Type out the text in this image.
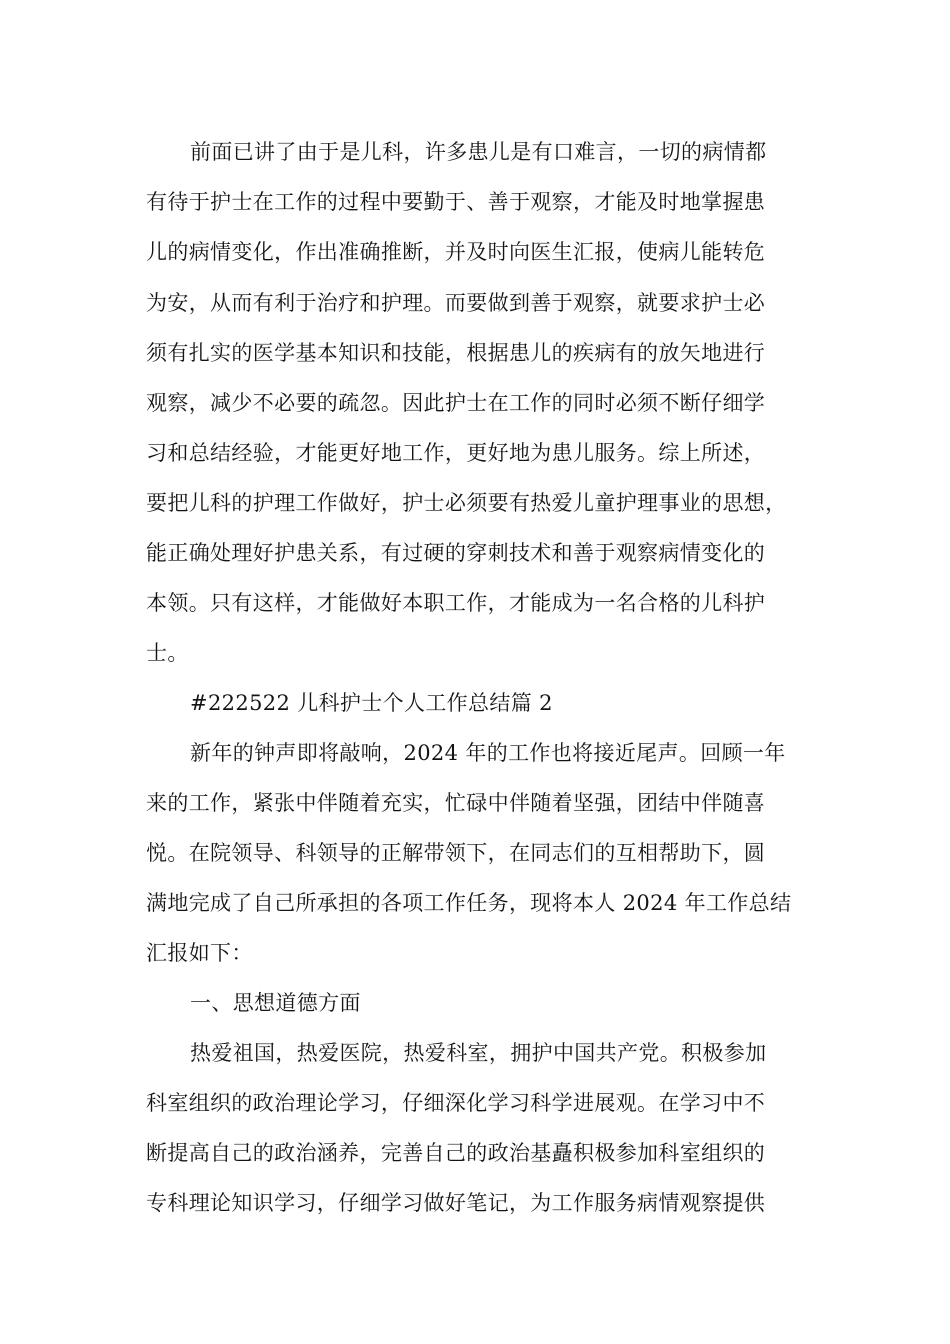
前面已讲了由于是儿科，许多患儿是有口难言，一切的病情都
有待于护士在工作的过程中要勤于、善于观察，才能及时地掌握患
儿的病情变化，作出准确推断，并及时向医生汇报，使病儿能转危
为安，从而有利于治疗和护理。而要做到善于观察，就要求护士必
须有扎实的医学基本知识和技能，根据患儿的疾病有的放矢地进行
观察，减少不必要的疏忽。因此护士在工作的同时必须不断仔细学
习和总结经验，才能更好地工作，更好地为患儿服务。综上所述，
要把儿科的护理工作做好，护士必须要有热爱儿童护理事业的思想，
能正确处理好护患关系，有过硬的穿刺技术和善于观察病情变化的
本领。只有这样，才能做好本职工作，才能成为一名合格的儿科护
士。
#222522 儿科护士个人工作总结篇 2
新年的钟声即将敲响，2024 年的工作也将接近尾声。回顾一年
来的工作，紧张中伴随着充实，忙碌中伴随着坚强，团结中伴随喜
悦。在院领导、科领导的正解带领下，在同志们的互相帮助下，圆
满地完成了自己所承担的各项工作任务，现将本人 2024 年工作总结
汇报如下：
一、思想道德方面
热爱祖国，热爱医院，热爱科室，拥护中国共产党。积极参加
科室组织的政治理论学习，仔细深化学习科学进展观。在学习中不
断提高自己的政治涵养，完善自己的政治基矗积极参加科室组织的
专科理论知识学习，仔细学习做好笔记，为工作服务病情观察提供
